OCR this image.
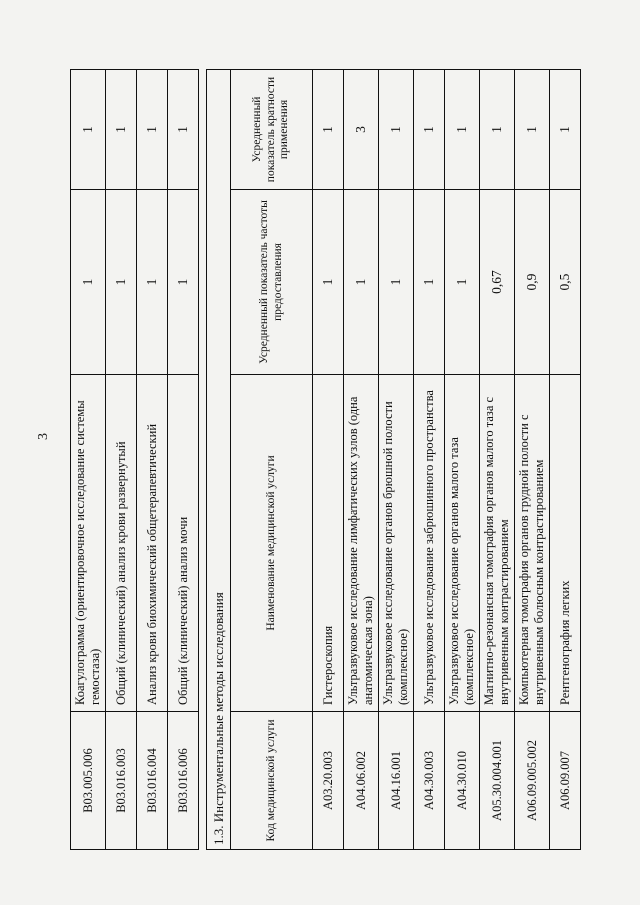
3
B03.005.006	Коагулограмма (ориентировочное исследование системы гемостаза)	1	1
B03.016.003	Общий (клинический) анализ крови развернутый	1	1
B03.016.004	Анализ крови биохимический общетерапевтический	1	1
B03.016.006	Общий (клинический) анализ мочи	1	1
1.3. Инструментальные методы исследования			
Код медицинской услуги	Наименование медицинской услуги	Усредненный показатель частоты предоставления	Усредненный показатель кратности применения
A03.20.003	Гистероскопия	1	1
A04.06.002	Ультразвуковое исследование лимфатических узлов (одна анатомическая зона)	1	3
A04.16.001	Ультразвуковое исследование органов брюшной полости (комплексное)	1	1
A04.30.003	Ультразвуковое исследование забрюшинного пространства	1	1
A04.30.010	Ультразвуковое исследование органов малого таза (комплексное)	1	1
A05.30.004.001	Магнитно-резонансная томография органов малого таза с внутривенным контрастированием	0,67	1
A06.09.005.002	Компьютерная томография органов грудной полости с внутривенным болюсным контрастированием	0,9	1
A06.09.007	Рентгенография легких	0,5	1
